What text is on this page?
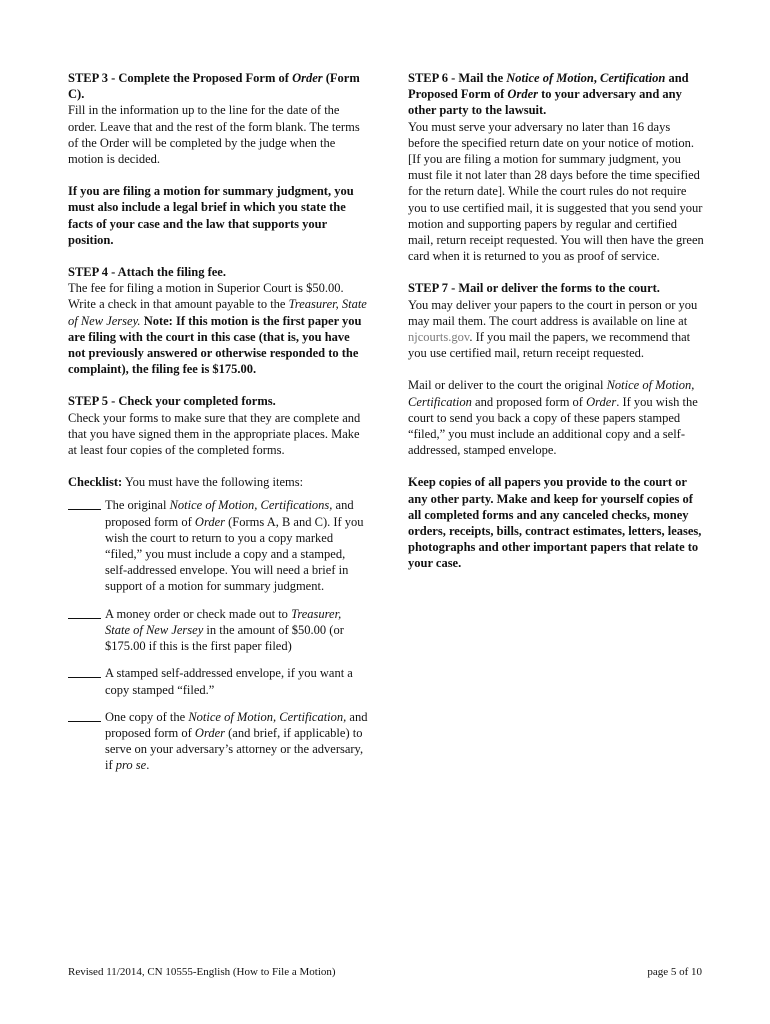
STEP 3 - Complete the Proposed Form of Order (Form C).

Fill in the information up to the line for the date of the order. Leave that and the rest of the form blank. The terms of the Order will be completed by the judge when the motion is decided.

If you are filing a motion for summary judgment, you must also include a legal brief in which you state the facts of your case and the law that supports your position.

STEP 4 - Attach the filing fee.

The fee for filing a motion in Superior Court is $50.00. Write a check in that amount payable to the Treasurer, State of New Jersey. Note: If this motion is the first paper you are filing with the court in this case (that is, you have not previously answered or otherwise responded to the complaint), the filing fee is $175.00.

STEP 5 - Check your completed forms.

Check your forms to make sure that they are complete and that you have signed them in the appropriate places. Make at least four copies of the completed forms.

Checklist: You must have the following items:

The original Notice of Motion, Certifications, and proposed form of Order (Forms A, B and C). If you wish the court to return to you a copy marked “filed,” you must include a copy and a stamped, self-addressed envelope. You will need a brief in support of a motion for summary judgment.
A money order or check made out to Treasurer, State of New Jersey in the amount of $50.00 (or $175.00 if this is the first paper filed)
A stamped self-addressed envelope, if you want a copy stamped “filed.”
One copy of the Notice of Motion, Certification, and proposed form of Order (and brief, if applicable) to serve on your adversary’s attorney or the adversary, if pro se.

STEP 6 - Mail the Notice of Motion, Certification and Proposed Form of Order to your adversary and any other party to the lawsuit.

You must serve your adversary no later than 16 days before the specified return date on your notice of motion. [If you are filing a motion for summary judgment, you must file it not later than 28 days before the time specified for the return date]. While the court rules do not require you to use certified mail, it is suggested that you send your motion and supporting papers by regular and certified mail, return receipt requested. You will then have the green card when it is returned to you as proof of service.

STEP 7 - Mail or deliver the forms to the court.

You may deliver your papers to the court in person or you may mail them. The court address is available on line at njcourts.gov. If you mail the papers, we recommend that you use certified mail, return receipt requested.

Mail or deliver to the court the original Notice of Motion, Certification and proposed form of Order. If you wish the court to send you back a copy of these papers stamped “filed,” you must include an additional copy and a self-addressed, stamped envelope.

Keep copies of all papers you provide to the court or any other party. Make and keep for yourself copies of all completed forms and any canceled checks, money orders, receipts, bills, contract estimates, letters, leases, photographs and other important papers that relate to your case.

Revised 11/2014, CN 10555-English (How to File a Motion)	page 5 of 10
